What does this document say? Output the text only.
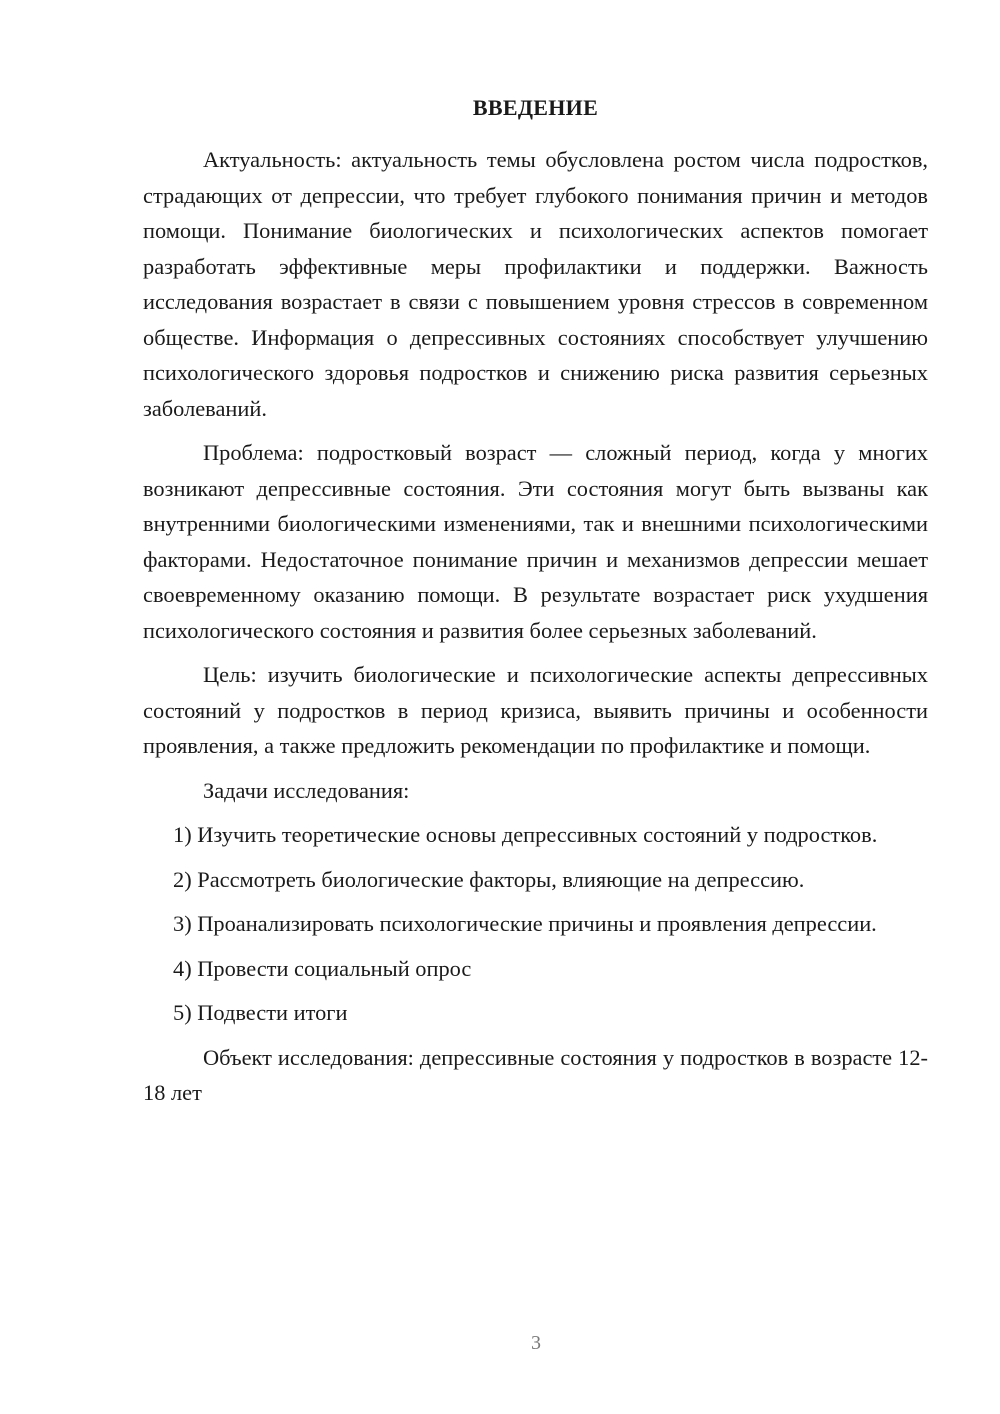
ВВЕДЕНИЕ

Актуальность: актуальность темы обусловлена ростом числа подростков, страдающих от депрессии, что требует глубокого понимания причин и методов помощи. Понимание биологических и психологических аспектов помогает разработать эффективные меры профилактики и поддержки. Важность исследования возрастает в связи с повышением уровня стрессов в современном обществе. Информация о депрессивных состояниях способствует улучшению психологического здоровья подростков и снижению риска развития серьезных заболеваний.

Проблема: подростковый возраст — сложный период, когда у многих возникают депрессивные состояния. Эти состояния могут быть вызваны как внутренними биологическими изменениями, так и внешними психологическими факторами. Недостаточное понимание причин и механизмов депрессии мешает своевременному оказанию помощи. В результате возрастает риск ухудшения психологического состояния и развития более серьезных заболеваний.

Цель: изучить биологические и психологические аспекты депрессивных состояний у подростков в период кризиса, выявить причины и особенности проявления, а также предложить рекомендации по профилактике и помощи.

Задачи исследования:

1) Изучить теоретические основы депрессивных состояний у подростков.

2) Рассмотреть биологические факторы, влияющие на депрессию.

3) Проанализировать психологические причины и проявления депрессии.

4) Провести социальный опрос

5) Подвести итоги

Объект исследования: депрессивные состояния у подростков в возрасте 12-18 лет

3
